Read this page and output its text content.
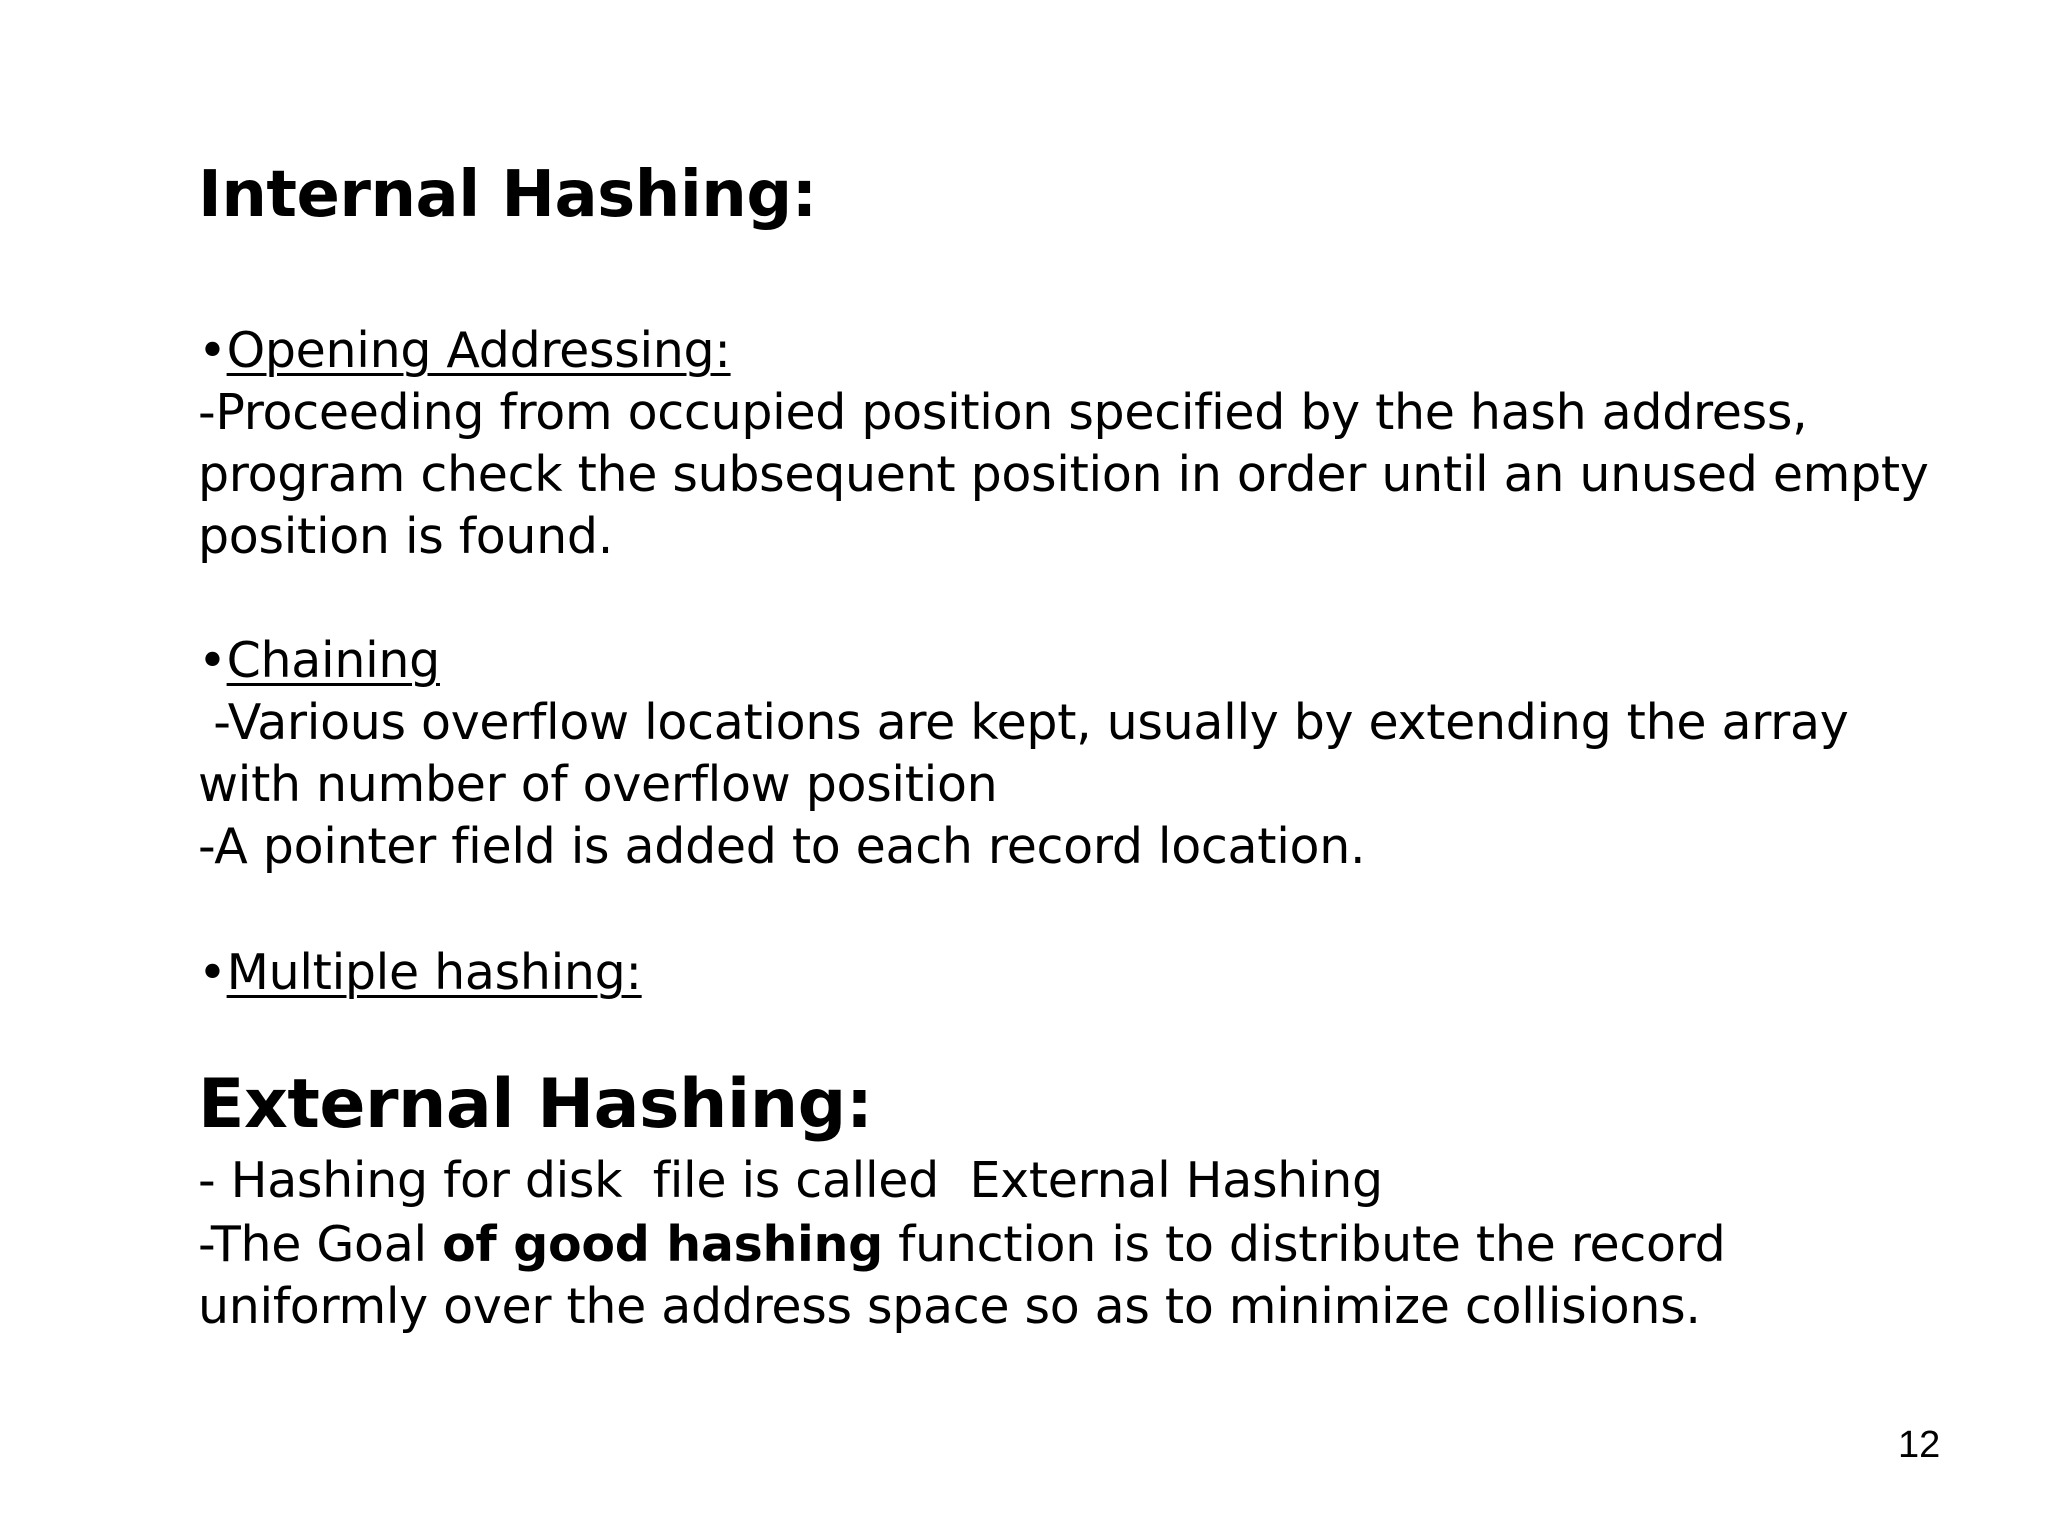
Internal Hashing:
•Opening Addressing:
-Proceeding from occupied position specified by the hash address,
program check the subsequent position in order until an unused empty
position is found.
•Chaining
-Various overflow locations are kept, usually by extending the array
with number of overflow position
-A pointer field is added to each record location.
•Multiple hashing:
External Hashing:
- Hashing for disk  file is called  External Hashing
-The Goal of good hashing function is to distribute the record
uniformly over the address space so as to minimize collisions.
12
